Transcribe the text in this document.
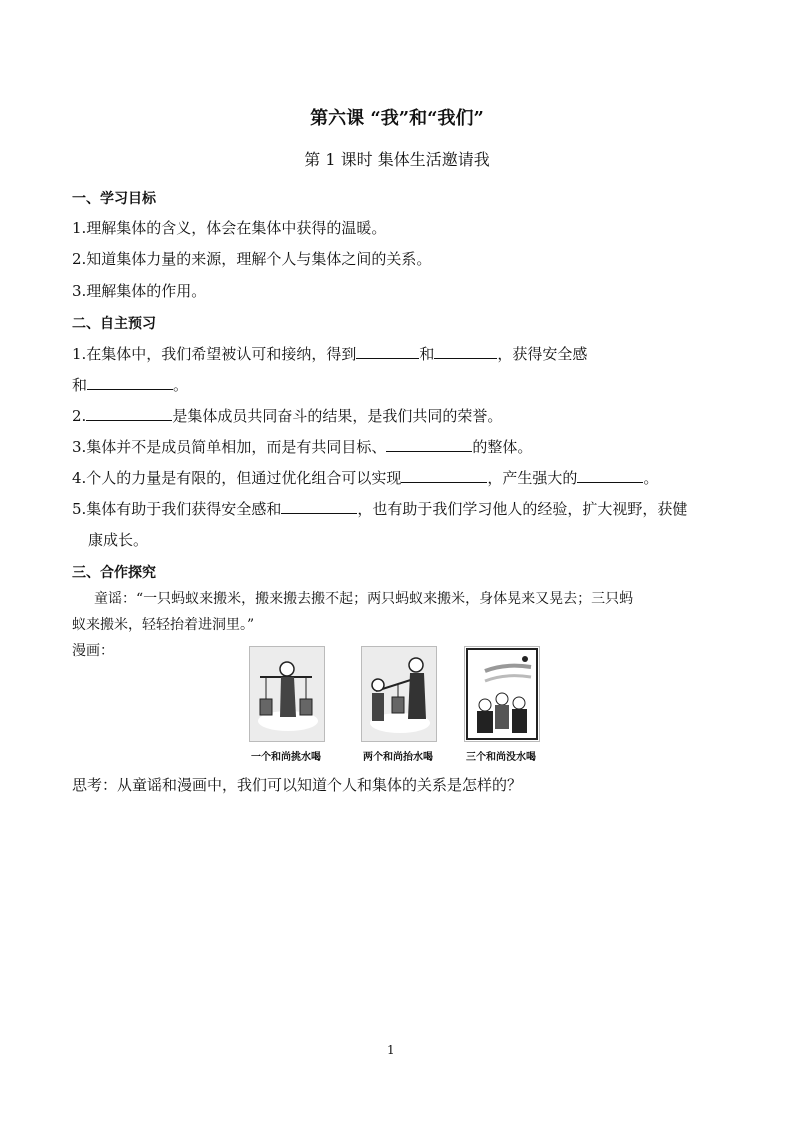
第六课 “我”和“我们”
第 1 课时 集体生活邀请我
一、学习目标
1.理解集体的含义，体会在集体中获得的温暖。
2.知道集体力量的来源，理解个人与集体之间的关系。
3.理解集体的作用。
二、自主预习
1.在集体中，我们希望被认可和接纳，得到	和	，获得安全感
和	。
2.	是集体成员共同奋斗的结果，是我们共同的荣誉。
3.集体并不是成员简单相加，而是有共同目标、	的整体。
4.个人的力量是有限的，但通过优化组合可以实现	，产生强大的	。
5.集体有助于我们获得安全感和	，也有助于我们学习他人的经验，扩大视野，获健
康成长。
三、合作探究
童谣：“一只蚂蚁来搬米，搬来搬去搬不起；两只蚂蚁来搬米，身体晃来又晃去；三只蚂
蚁来搬米，轻轻抬着进洞里。”
漫画：
一个和尚挑水喝	两个和尚抬水喝	三个和尚没水喝
思考：从童谣和漫画中，我们可以知道个人和集体的关系是怎样的？
1
